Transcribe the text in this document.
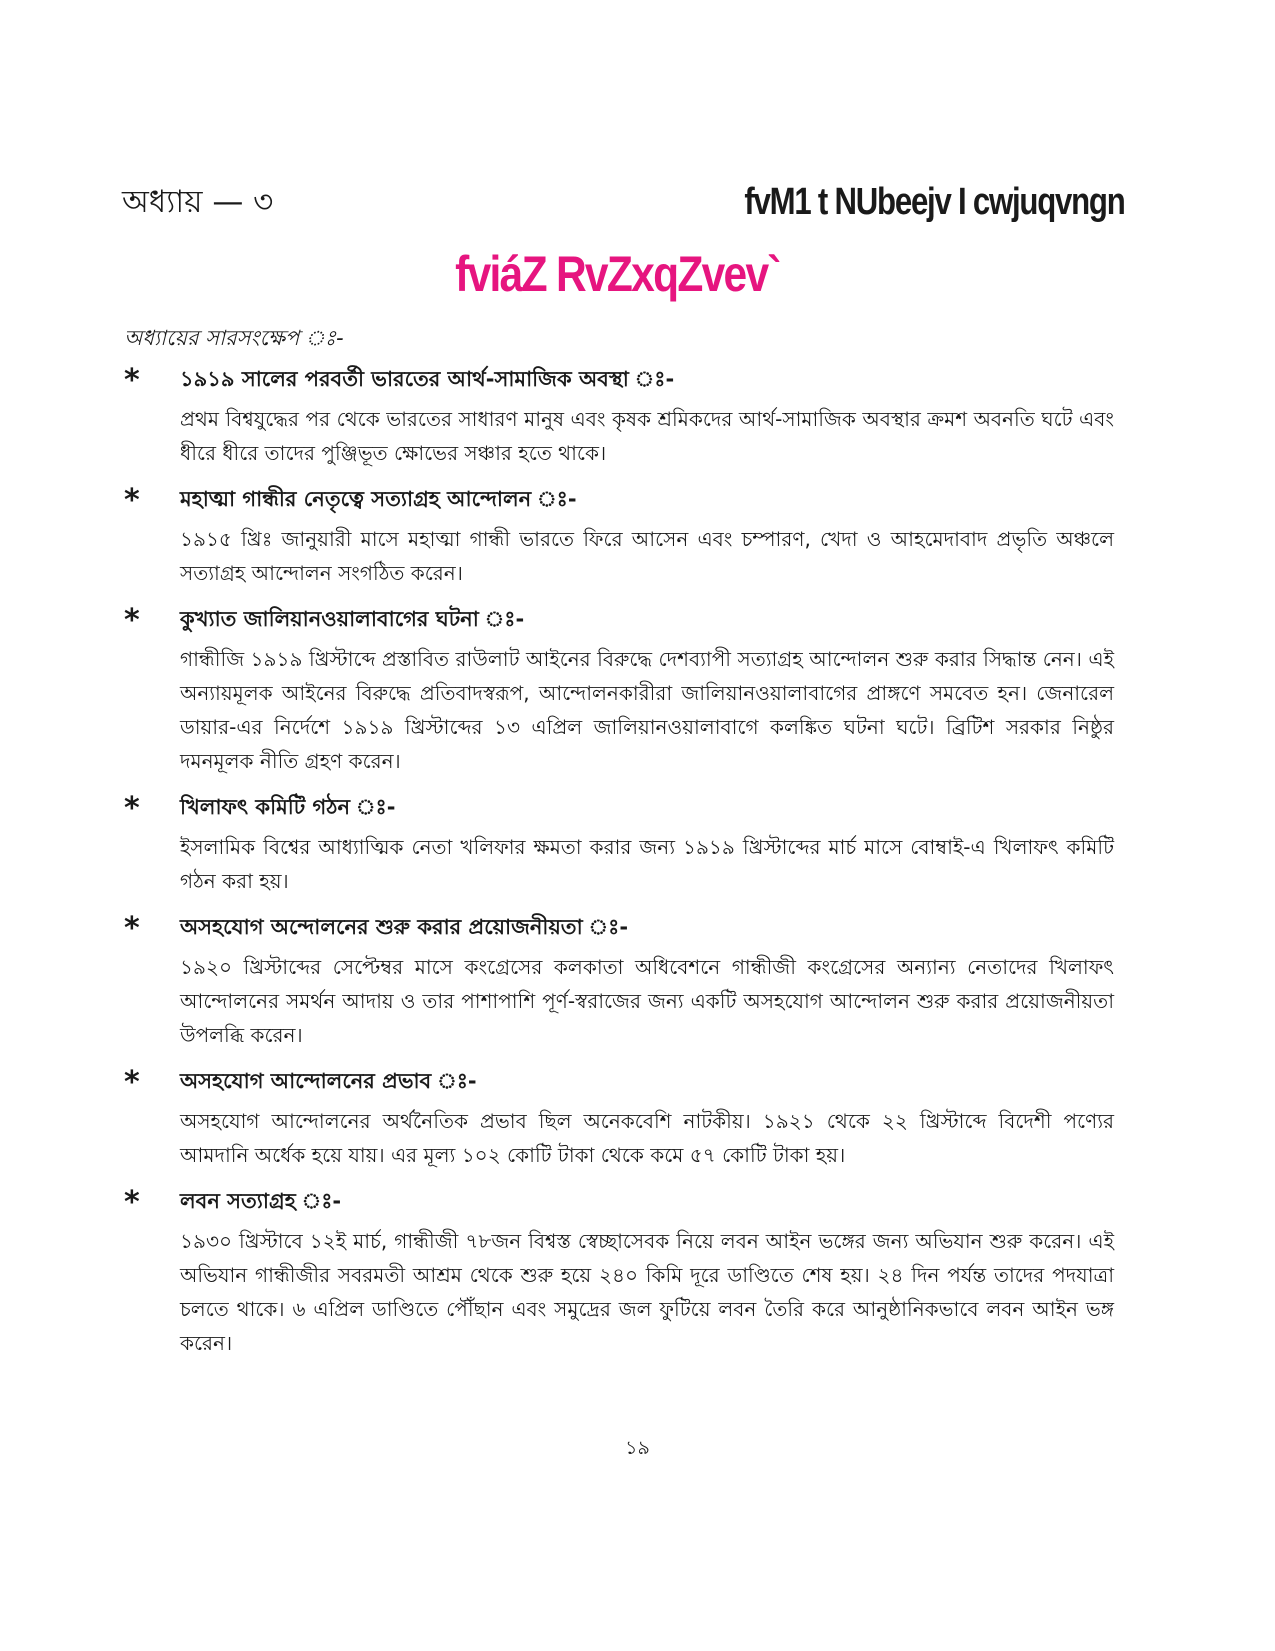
অধ্যায় — ৩	fvM1 t NUbeejv I cwjuqvngn
fviáZ RvZxqZvev`
অধ্যায়ের সারসংক্ষেপ ঃ-
*	১৯১৯ সালের পরবর্তী ভারতের আর্থ-সামাজিক অবস্থা ঃ-
প্রথম বিশ্বযুদ্ধের পর থেকে ভারতের সাধারণ মানুষ এবং কৃষক শ্রমিকদের আর্থ-সামাজিক অবস্থার ক্রমশ অবনতি ঘটে এবং ধীরে ধীরে তাদের পুঞ্জিভূত ক্ষোভের সঞ্চার হতে থাকে।
*	মহাত্মা গান্ধীর নেতৃত্বে সত্যাগ্রহ আন্দোলন ঃ-
১৯১৫ খ্রিঃ জানুয়ারী মাসে মহাত্মা গান্ধী ভারতে ফিরে আসেন এবং চম্পারণ, খেদা ও আহমেদাবাদ প্রভৃতি অঞ্চলে সত্যাগ্রহ আন্দোলন সংগঠিত করেন।
*	কুখ্যাত জালিয়ানওয়ালাবাগের ঘটনা ঃ-
গান্ধীজি ১৯১৯ খ্রিস্টাব্দে প্রস্তাবিত রাউলাট আইনের বিরুদ্ধে দেশব্যাপী সত্যাগ্রহ আন্দোলন শুরু করার সিদ্ধান্ত নেন। এই অন্যায়মূলক আইনের বিরুদ্ধে প্রতিবাদস্বরূপ, আন্দোলনকারীরা জালিয়ানওয়ালাবাগের প্রাঙ্গণে সমবেত হন। জেনারেল ডায়ার-এর নির্দেশে ১৯১৯ খ্রিস্টাব্দের ১৩ এপ্রিল জালিয়ানওয়ালাবাগে কলঙ্কিত ঘটনা ঘটে। ব্রিটিশ সরকার নিষ্ঠুর দমনমূলক নীতি গ্রহণ করেন।
*	খিলাফৎ কমিটি গঠন ঃ-
ইসলামিক বিশ্বের আধ্যাত্মিক নেতা খলিফার ক্ষমতা করার জন্য ১৯১৯ খ্রিস্টাব্দের মার্চ মাসে বোম্বাই-এ খিলাফৎ কমিটি গঠন করা হয়।
*	অসহযোগ অন্দোলনের শুরু করার প্রয়োজনীয়তা ঃ-
১৯২০ খ্রিস্টাব্দের সেপ্টেম্বর মাসে কংগ্রেসের কলকাতা অধিবেশনে গান্ধীজী কংগ্রেসের অন্যান্য নেতাদের খিলাফৎ আন্দোলনের সমর্থন আদায় ও তার পাশাপাশি পূর্ণ-স্বরাজের জন্য একটি অসহযোগ আন্দোলন শুরু করার প্রয়োজনীয়তা উপলব্ধি করেন।
*	অসহযোগ আন্দোলনের প্রভাব ঃ-
অসহযোগ আন্দোলনের অর্থনৈতিক প্রভাব ছিল অনেকবেশি নাটকীয়। ১৯২১ থেকে ২২ খ্রিস্টাব্দে বিদেশী পণ্যের আমদানি অর্ধেক হয়ে যায়। এর মূল্য ১০২ কোটি টাকা থেকে কমে ৫৭ কোটি টাকা হয়।
*	লবন সত্যাগ্রহ ঃ-
১৯৩০ খ্রিস্টাবে ১২ই মার্চ, গান্ধীজী ৭৮জন বিশ্বস্ত স্বেচ্ছাসেবক নিয়ে লবন আইন ভঙ্গের জন্য অভিযান শুরু করেন। এই অভিযান গান্ধীজীর সবরমতী আশ্রম থেকে শুরু হয়ে ২৪০ কিমি দূরে ডাণ্ডিতে শেষ হয়। ২৪ দিন পর্যন্ত তাদের পদযাত্রা চলতে থাকে। ৬ এপ্রিল ডাণ্ডিতে পৌঁছান এবং সমুদ্রের জল ফুটিয়ে লবন তৈরি করে আনুষ্ঠানিকভাবে লবন আইন ভঙ্গ করেন।
১৯
